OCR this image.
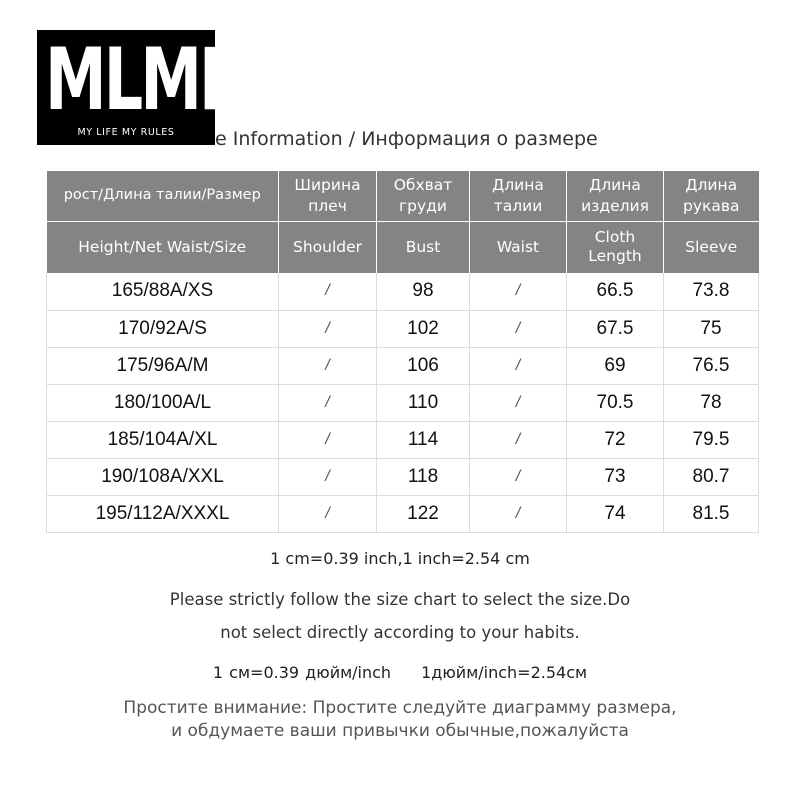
MLMR
MY LIFE MY RULES	e Information / Информация о размере
рост/Длина талии/Размер	Ширина плеч	Обхват груди	Длина талии	Длина изделия	Длина рукава
Height/Net Waist/Size	Shoulder	Bust	Waist	Cloth Length	Sleeve
165/88A/XS	/	98	/	66.5	73.8
170/92A/S	/	102	/	67.5	75
175/96A/M	/	106	/	69	76.5
180/100A/L	/	110	/	70.5	78
185/104A/XL	/	114	/	72	79.5
190/108A/XXL	/	118	/	73	80.7
195/112A/XXXL	/	122	/	74	81.5
1 cm=0.39 inch,1 inch=2.54 cm
Please strictly follow the size chart to select the size.Do
not select directly according to your habits.
1 см=0.39 дюйм/inch 1дюйм/inch=2.54см
Простите внимание: Простите следуйте диаграмму размера,
и обдумаете ваши привычки обычные,пожалуйста
